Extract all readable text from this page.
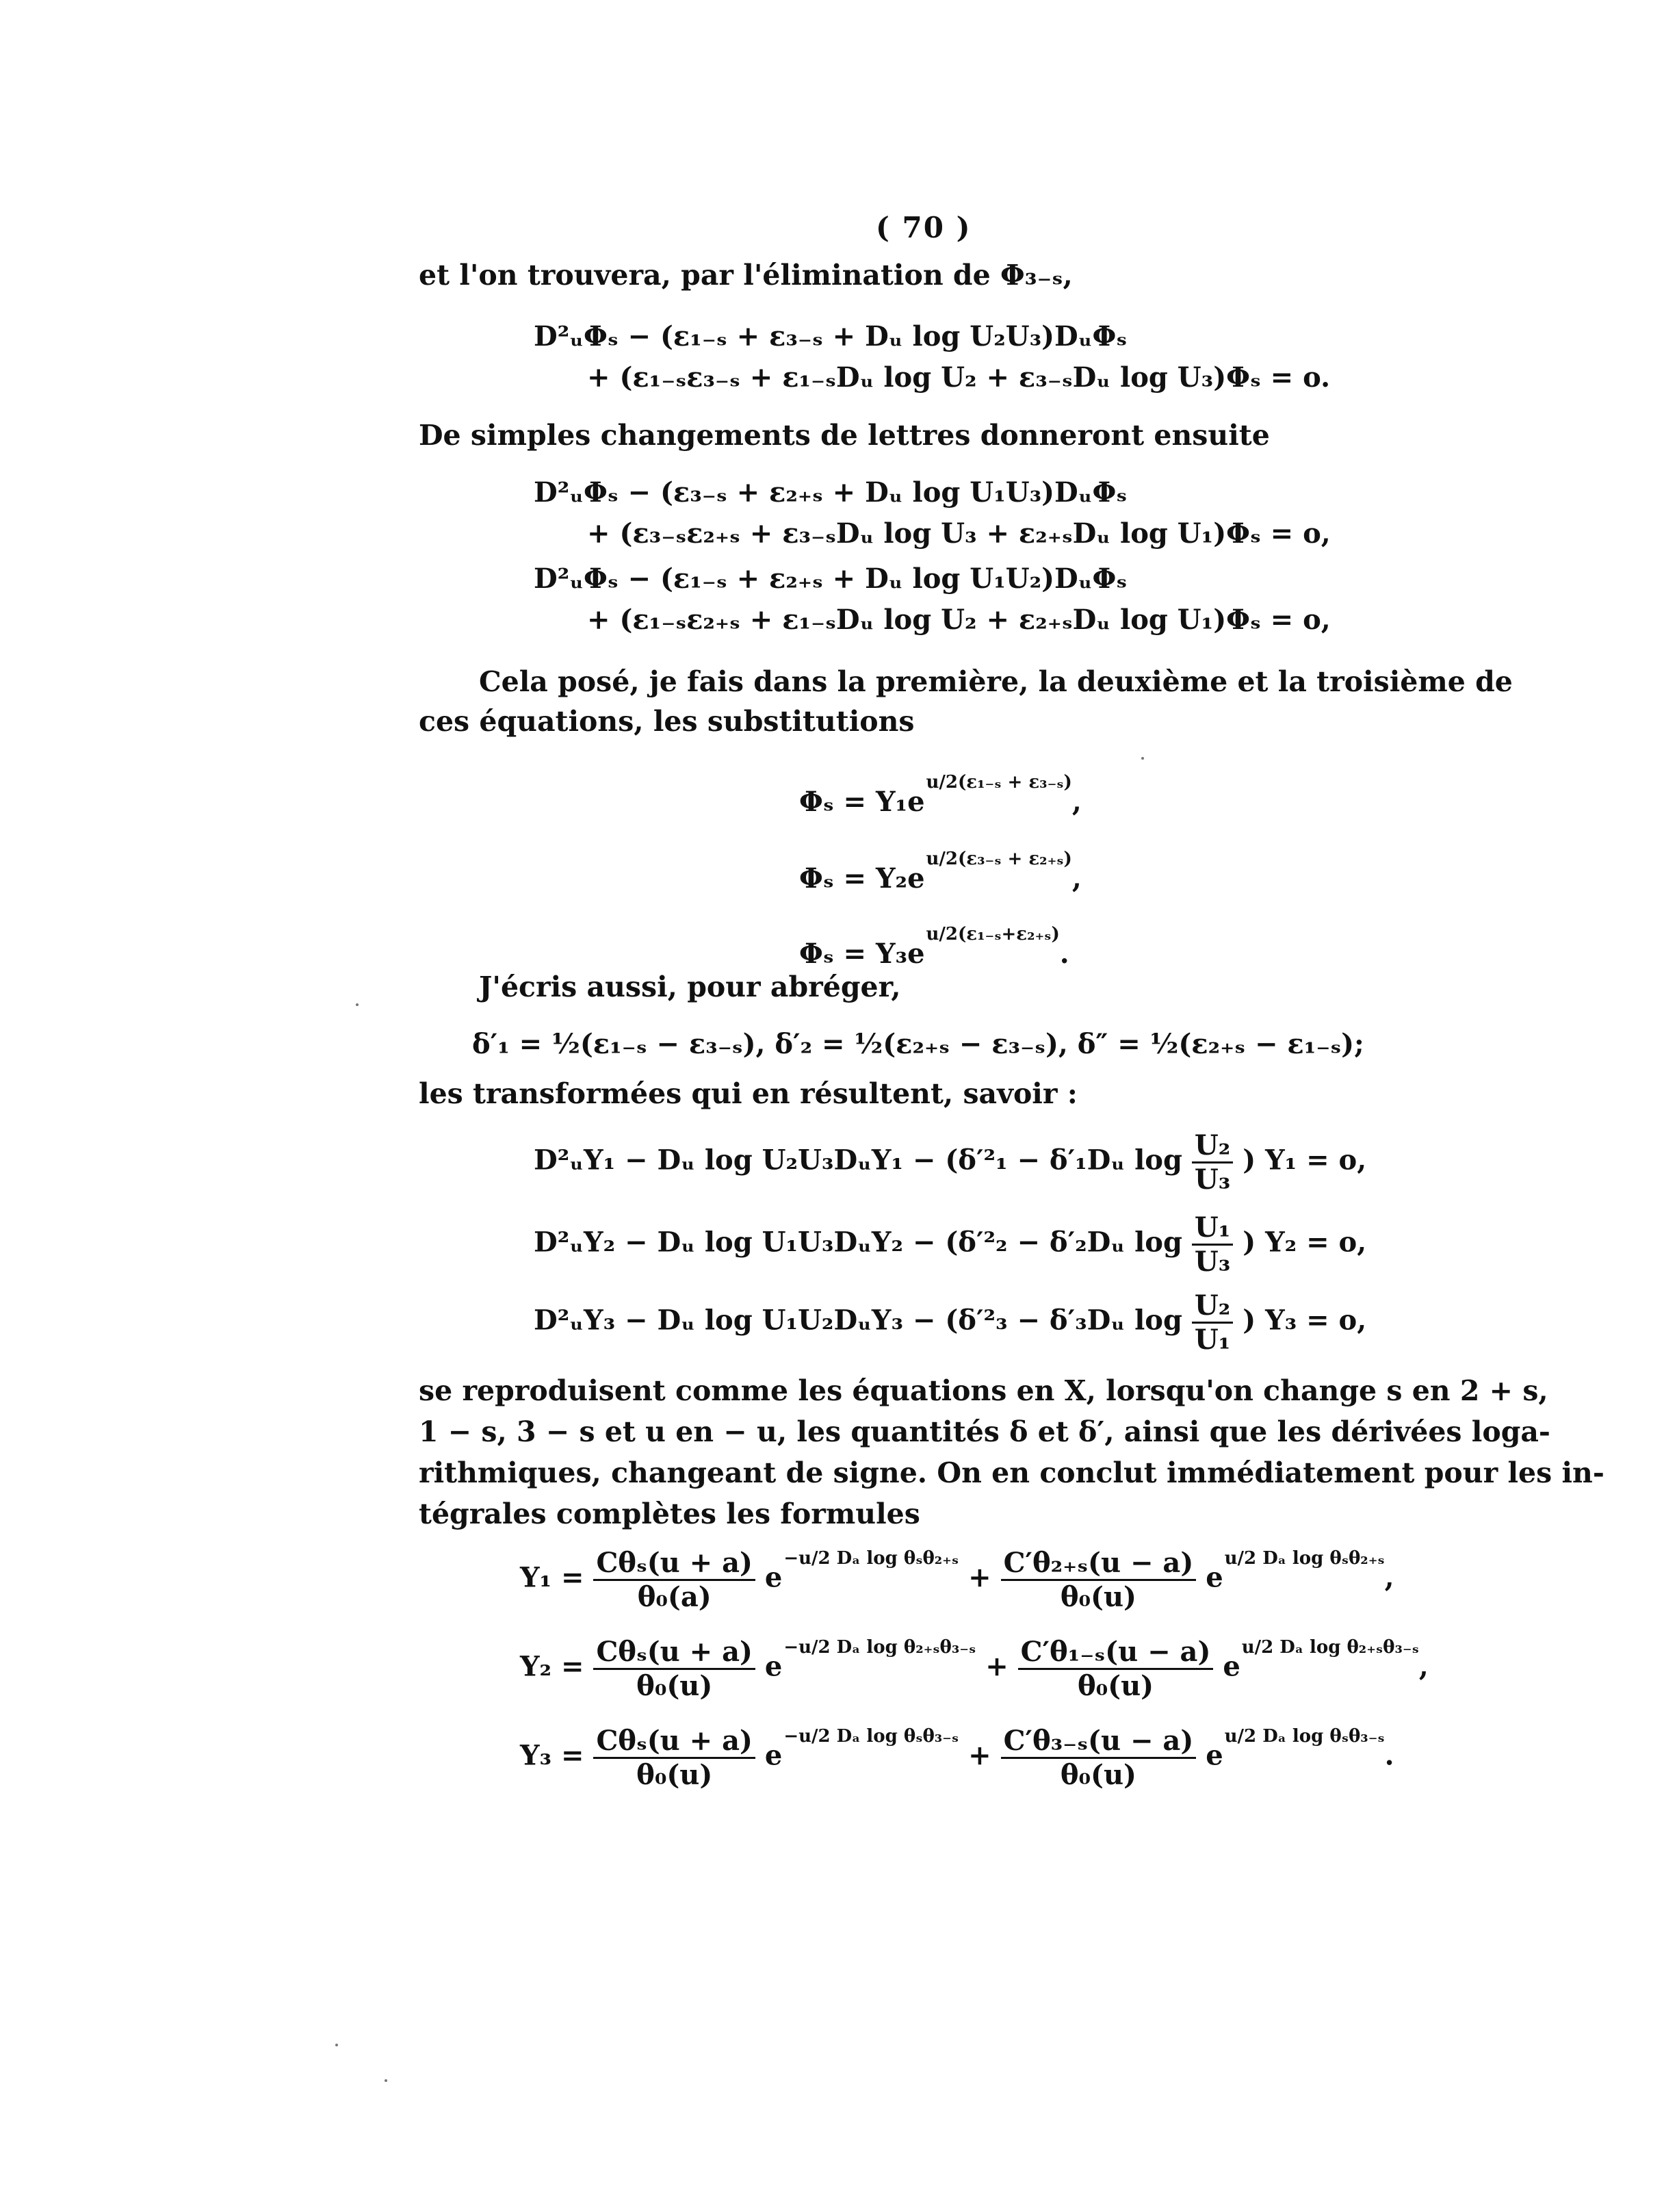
( 70 )
et l'on trouvera, par l'élimination de Φ₃₋ₛ,
D²ᵤΦₛ − (ε₁₋ₛ + ε₃₋ₛ + Dᵤ log U₂U₃)DᵤΦₛ
+ (ε₁₋ₛε₃₋ₛ + ε₁₋ₛDᵤ log U₂ + ε₃₋ₛDᵤ log U₃)Φₛ = o.
De simples changements de lettres donneront ensuite
D²ᵤΦₛ − (ε₃₋ₛ + ε₂₊ₛ + Dᵤ log U₁U₃)DᵤΦₛ
+ (ε₃₋ₛε₂₊ₛ + ε₃₋ₛDᵤ log U₃ + ε₂₊ₛDᵤ log U₁)Φₛ = o,
D²ᵤΦₛ − (ε₁₋ₛ + ε₂₊ₛ + Dᵤ log U₁U₂)DᵤΦₛ
+ (ε₁₋ₛε₂₊ₛ + ε₁₋ₛDᵤ log U₂ + ε₂₊ₛDᵤ log U₁)Φₛ = o,
Cela posé, je fais dans la première, la deuxième et la troisième de
ces équations, les substitutions
$\Phi_s = Y_1e^{u/2(\varepsilon_{1-s} + \varepsilon_{3-s})}$,
$\Phi_s = Y_2e^{u/2(\varepsilon_{3-s} + \varepsilon_{2+s})}$,
$\Phi_s = Y_3e^{u/2(\varepsilon_{1-s}+\varepsilon_{2+s})}$.
J'écris aussi, pour abréger,
δ′₁ = ½(ε₁₋ₛ − ε₃₋ₛ), δ′₂ = ½(ε₂₊ₛ − ε₃₋ₛ), δ″ = ½(ε₂₊ₛ − ε₁₋ₛ);
les transformées qui en résultent, savoir :
D²ᵤY₁ − Dᵤ log U₂U₃DᵤY₁ − (δ′²₁ − δ′₁Dᵤ $\log \frac{\text{U₂}}{\text{U₃}}$ ) Y₁ = o,
D²ᵤY₂ − Dᵤ log U₁U₃DᵤY₂ − (δ′²₂ − δ′₂Dᵤ $\log \frac{\text{U₁}}{\text{U₃}}$ ) Y₂ = o,
D²ᵤY₃ − Dᵤ log U₁U₂DᵤY₃ − (δ′²₃ − δ′₃Dᵤ $\log \frac{\text{U₂}}{\text{U₁}}$ ) Y₃ = o,
se reproduisent comme les équations en X, lorsqu'on change s en 2 + s,
1 − s, 3 − s et u en − u, les quantités δ et δ′, ainsi que les dérivées loga-
rithmiques, changeant de signe. On en conclut immédiatement pour les in-
tégrales complètes les formules
$Y_1 = \frac{\text{Cθₛ(u + a)}}{\text{θ₀(a)}} e^{-u/2 D_a log \theta_s\theta_{2+s}} + \frac{\text{C′θ₂₊ₛ(u − a)}}{\text{θ₀(u)}} e^{u/2 D_a log \theta_s\theta_{2+s}}$,
$Y_2 = \frac{\text{Cθₛ(u + a)}}{\text{θ₀(u)}} e^{-u/2 D_a log \theta_{2+s}\theta_{3-s}} + \frac{\text{C′θ₁₋ₛ(u − a)}}{\text{θ₀(u)}} e^{u/2 D_a log \theta_{2+s}\theta_{3-s}}$,
$Y_3 = \frac{\text{Cθₛ(u + a)}}{\text{θ₀(u)}} e^{-u/2 D_a log \theta_s\theta_{3-s}} + \frac{\text{C′θ₃₋ₛ(u − a)}}{\text{θ₀(u)}} e^{u/2 D_a log \theta_s\theta_{3-s}}$.
